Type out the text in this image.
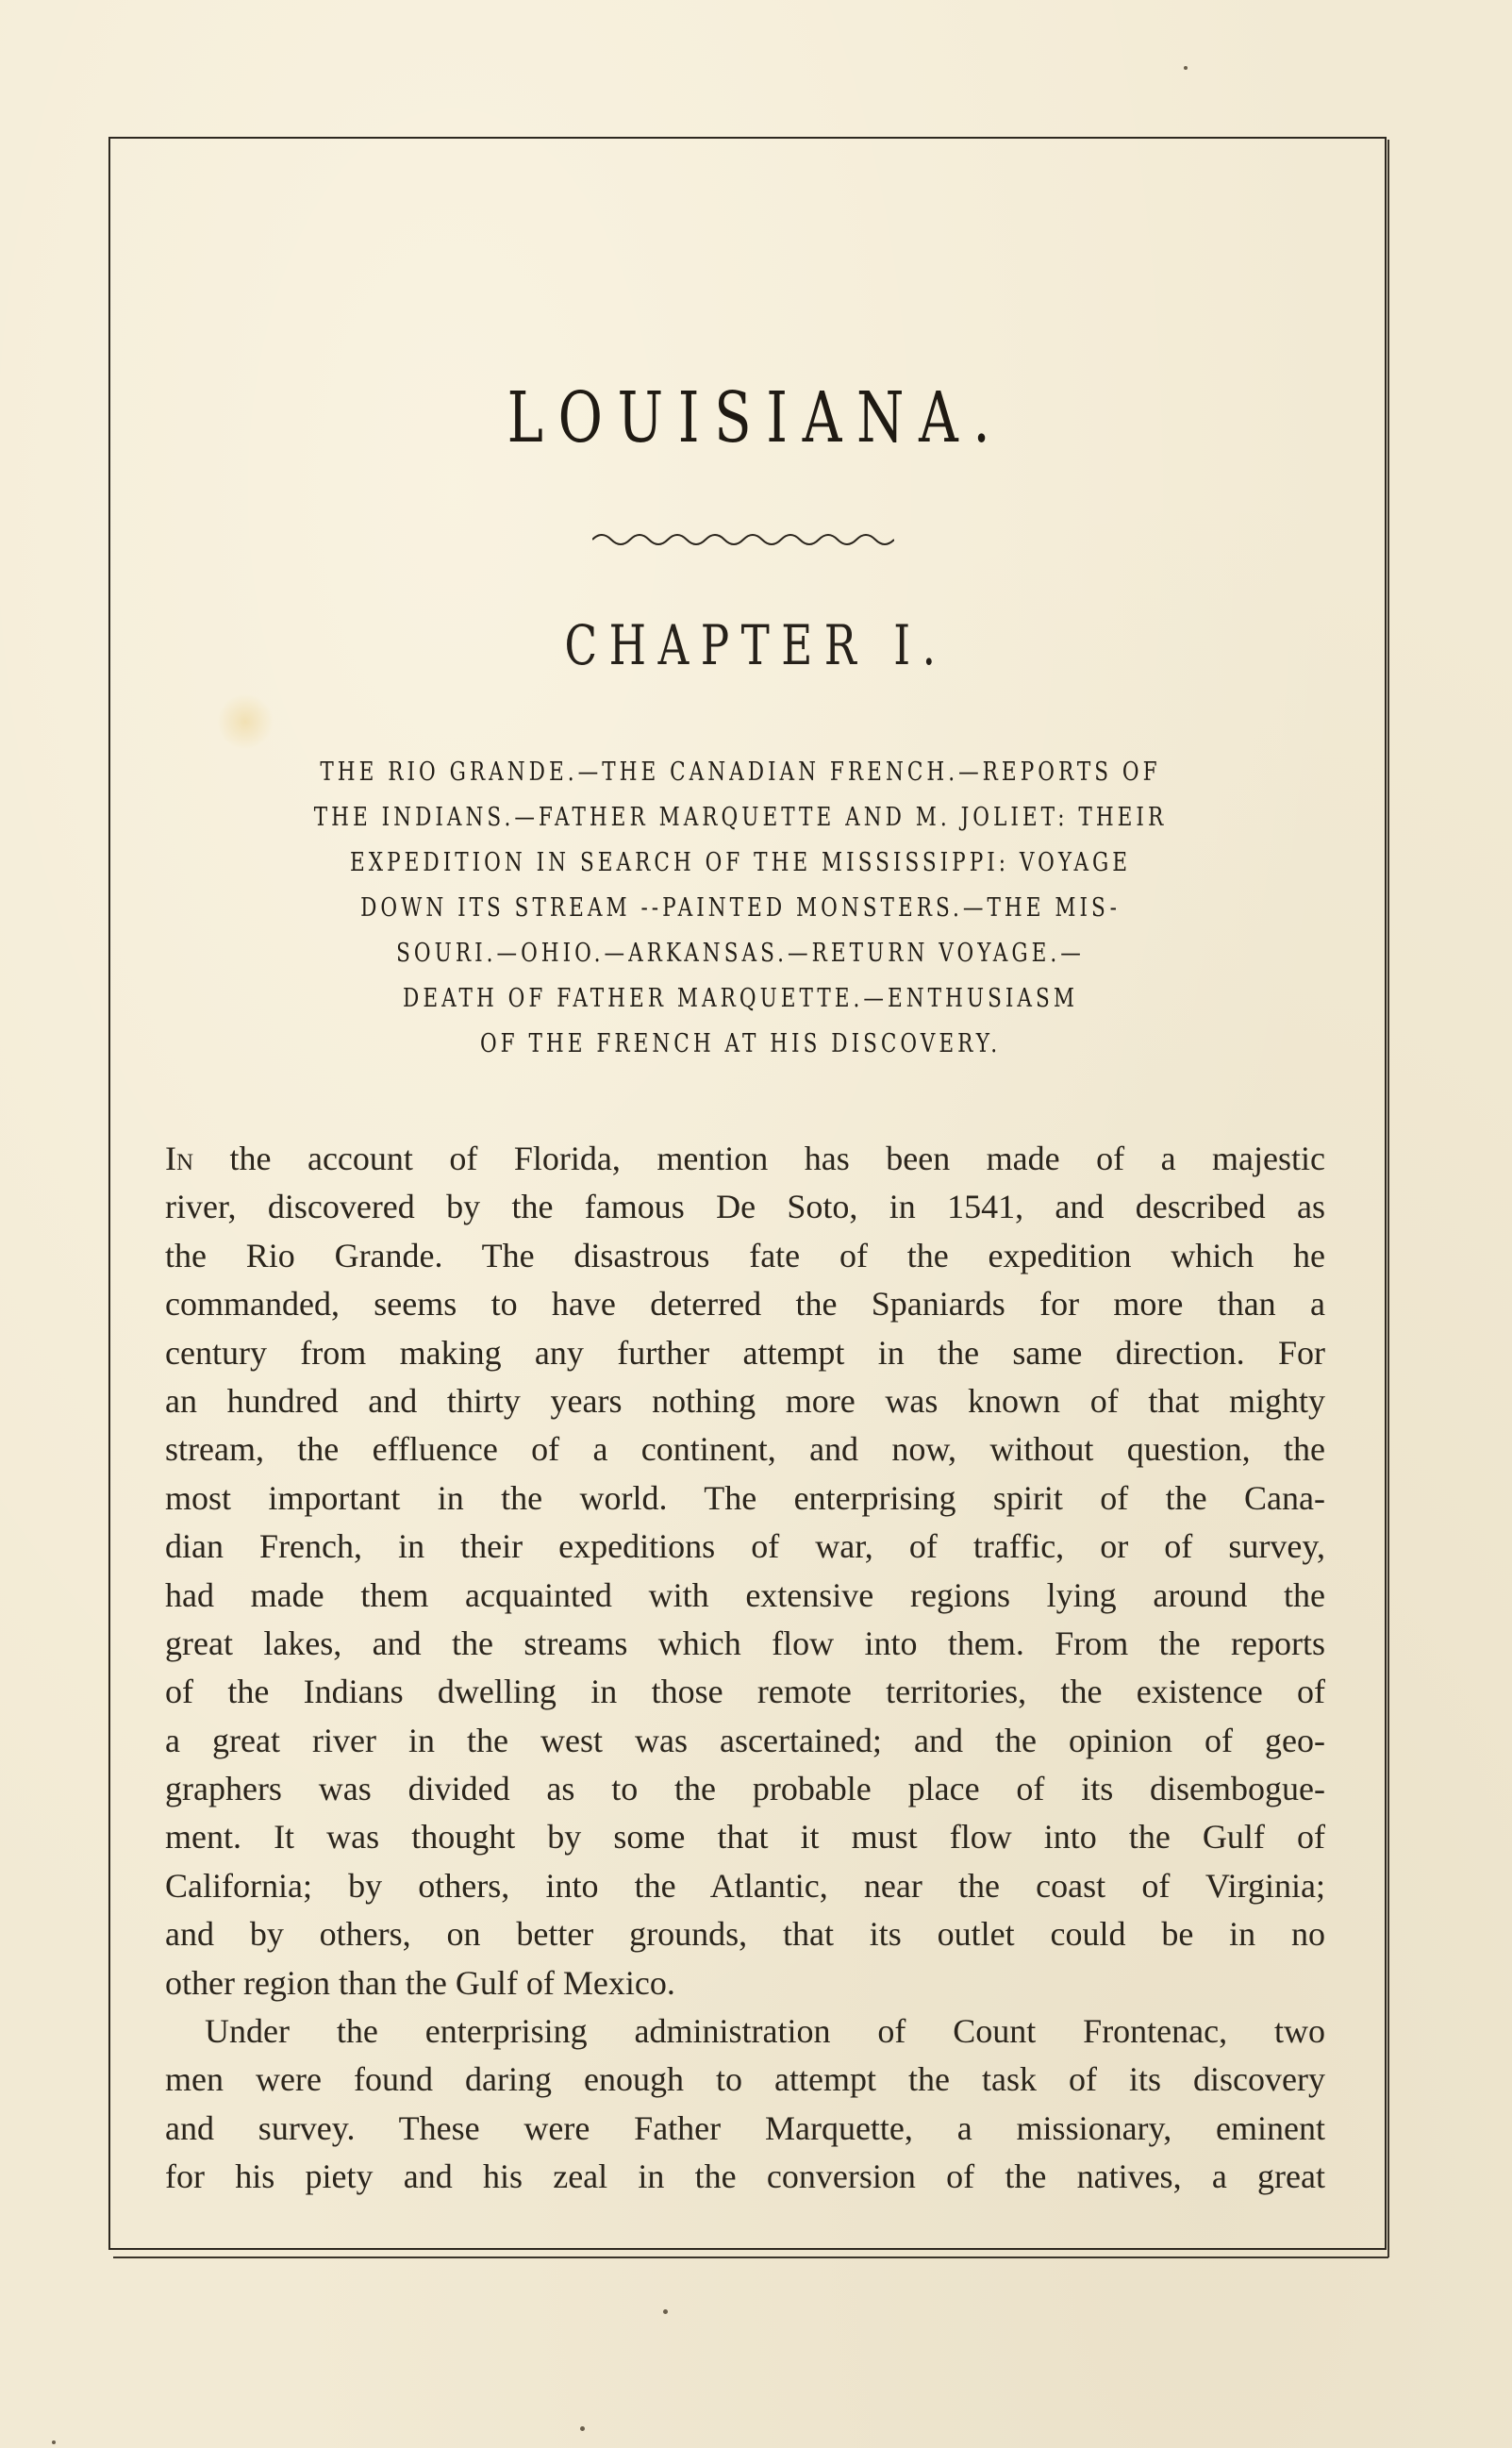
LOUISIANA.
CHAPTER I.
THE RIO GRANDE.—THE CANADIAN FRENCH.—REPORTS OF
THE INDIANS.—FATHER MARQUETTE AND M. JOLIET: THEIR
EXPEDITION IN SEARCH OF THE MISSISSIPPI: VOYAGE
DOWN ITS STREAM --PAINTED MONSTERS.—THE MIS-
SOURI.—OHIO.—ARKANSAS.—RETURN VOYAGE.—
DEATH OF FATHER MARQUETTE.—ENTHUSIASM
OF THE FRENCH AT HIS DISCOVERY.
In the account of Florida, mention has been made of a majestic
river, discovered by the famous De Soto, in 1541, and described as
the Rio Grande. The disastrous fate of the expedition which he
commanded, seems to have deterred the Spaniards for more than a
century from making any further attempt in the same direction. For
an hundred and thirty years nothing more was known of that mighty
stream, the effluence of a continent, and now, without question, the
most important in the world. The enterprising spirit of the Cana-
dian French, in their expeditions of war, of traffic, or of survey,
had made them acquainted with extensive regions lying around the
great lakes, and the streams which flow into them. From the reports
of the Indians dwelling in those remote territories, the existence of
a great river in the west was ascertained; and the opinion of geo-
graphers was divided as to the probable place of its disembogue-
ment. It was thought by some that it must flow into the Gulf of
California; by others, into the Atlantic, near the coast of Virginia;
and by others, on better grounds, that its outlet could be in no
other region than the Gulf of Mexico.
Under the enterprising administration of Count Frontenac, two
men were found daring enough to attempt the task of its discovery
and survey. These were Father Marquette, a missionary, eminent
for his piety and his zeal in the conversion of the natives, a great
